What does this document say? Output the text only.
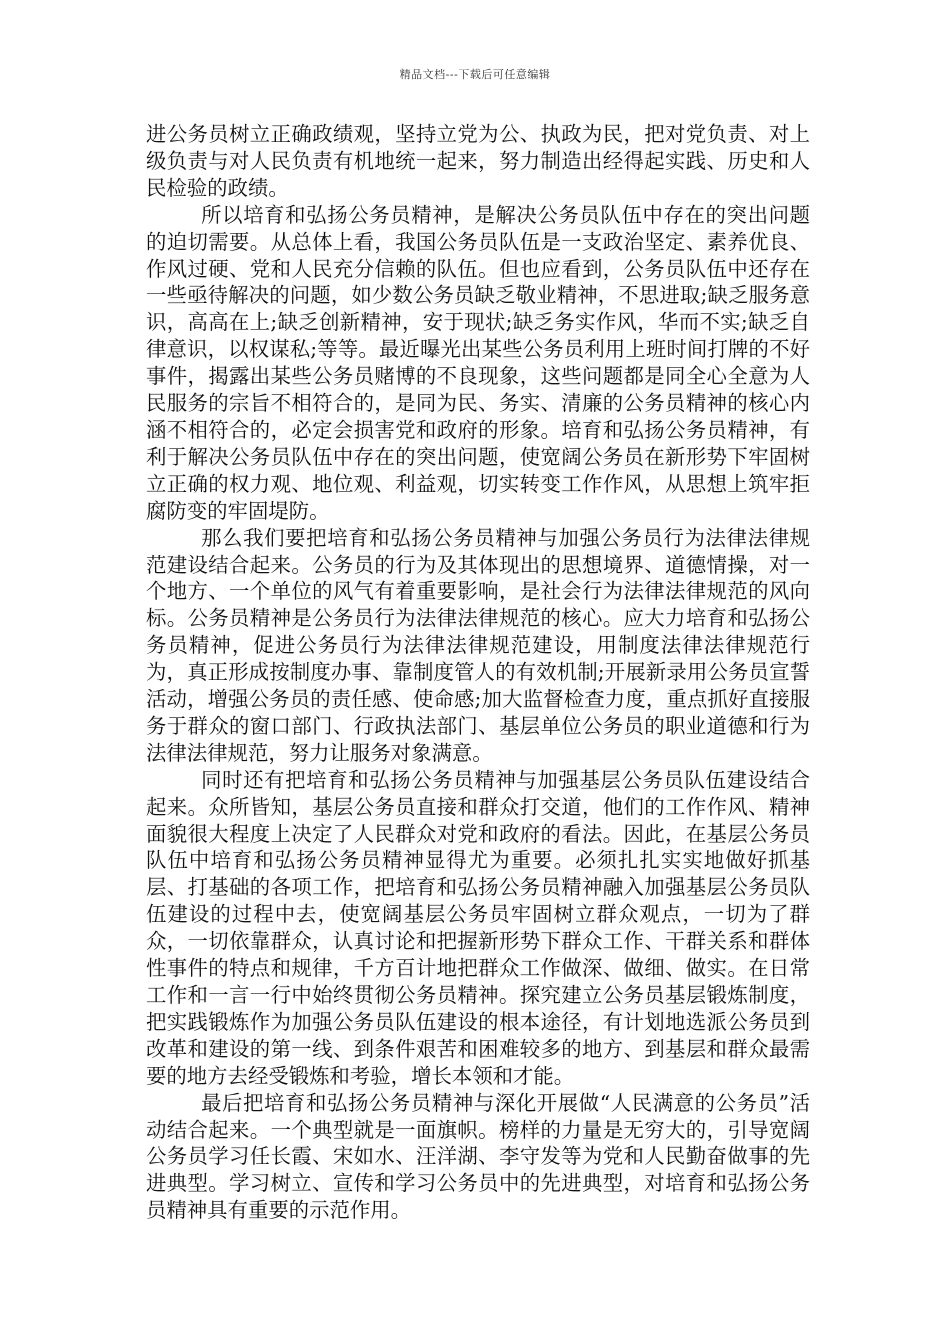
精品文档---下载后可任意编辑

进公务员树立正确政绩观，坚持立党为公、执政为民，把对党负责、对上级负责与对人民负责有机地统一起来，努力制造出经得起实践、历史和人民检验的政绩。

所以培育和弘扬公务员精神，是解决公务员队伍中存在的突出问题的迫切需要。从总体上看，我国公务员队伍是一支政治坚定、素养优良、作风过硬、党和人民充分信赖的队伍。但也应看到，公务员队伍中还存在一些亟待解决的问题，如少数公务员缺乏敬业精神，不思进取;缺乏服务意识，高高在上;缺乏创新精神，安于现状;缺乏务实作风，华而不实;缺乏自律意识，以权谋私;等等。最近曝光出某些公务员利用上班时间打牌的不好事件，揭露出某些公务员赌博的不良现象，这些问题都是同全心全意为人民服务的宗旨不相符合的，是同为民、务实、清廉的公务员精神的核心内涵不相符合的，必定会损害党和政府的形象。培育和弘扬公务员精神，有利于解决公务员队伍中存在的突出问题，使宽阔公务员在新形势下牢固树立正确的权力观、地位观、利益观，切实转变工作作风，从思想上筑牢拒腐防变的牢固堤防。

那么我们要把培育和弘扬公务员精神与加强公务员行为法律法律规范建设结合起来。公务员的行为及其体现出的思想境界、道德情操，对一个地方、一个单位的风气有着重要影响，是社会行为法律法律规范的风向标。公务员精神是公务员行为法律法律规范的核心。应大力培育和弘扬公务员精神，促进公务员行为法律法律规范建设，用制度法律法律规范行为，真正形成按制度办事、靠制度管人的有效机制;开展新录用公务员宣誓活动，增强公务员的责任感、使命感;加大监督检查力度，重点抓好直接服务于群众的窗口部门、行政执法部门、基层单位公务员的职业道德和行为法律法律规范，努力让服务对象满意。

同时还有把培育和弘扬公务员精神与加强基层公务员队伍建设结合起来。众所皆知，基层公务员直接和群众打交道，他们的工作作风、精神面貌很大程度上决定了人民群众对党和政府的看法。因此，在基层公务员队伍中培育和弘扬公务员精神显得尤为重要。必须扎扎实实地做好抓基层、打基础的各项工作，把培育和弘扬公务员精神融入加强基层公务员队伍建设的过程中去，使宽阔基层公务员牢固树立群众观点，一切为了群众，一切依靠群众，认真讨论和把握新形势下群众工作、干群关系和群体性事件的特点和规律，千方百计地把群众工作做深、做细、做实。在日常工作和一言一行中始终贯彻公务员精神。探究建立公务员基层锻炼制度，把实践锻炼作为加强公务员队伍建设的根本途径，有计划地选派公务员到改革和建设的第一线、到条件艰苦和困难较多的地方、到基层和群众最需要的地方去经受锻炼和考验，增长本领和才能。

最后把培育和弘扬公务员精神与深化开展做“人民满意的公务员”活动结合起来。一个典型就是一面旗帜。榜样的力量是无穷大的，引导宽阔公务员学习任长霞、宋如水、汪洋湖、李守发等为党和人民勤奋做事的先进典型。学习树立、宣传和学习公务员中的先进典型，对培育和弘扬公务员精神具有重要的示范作用。
